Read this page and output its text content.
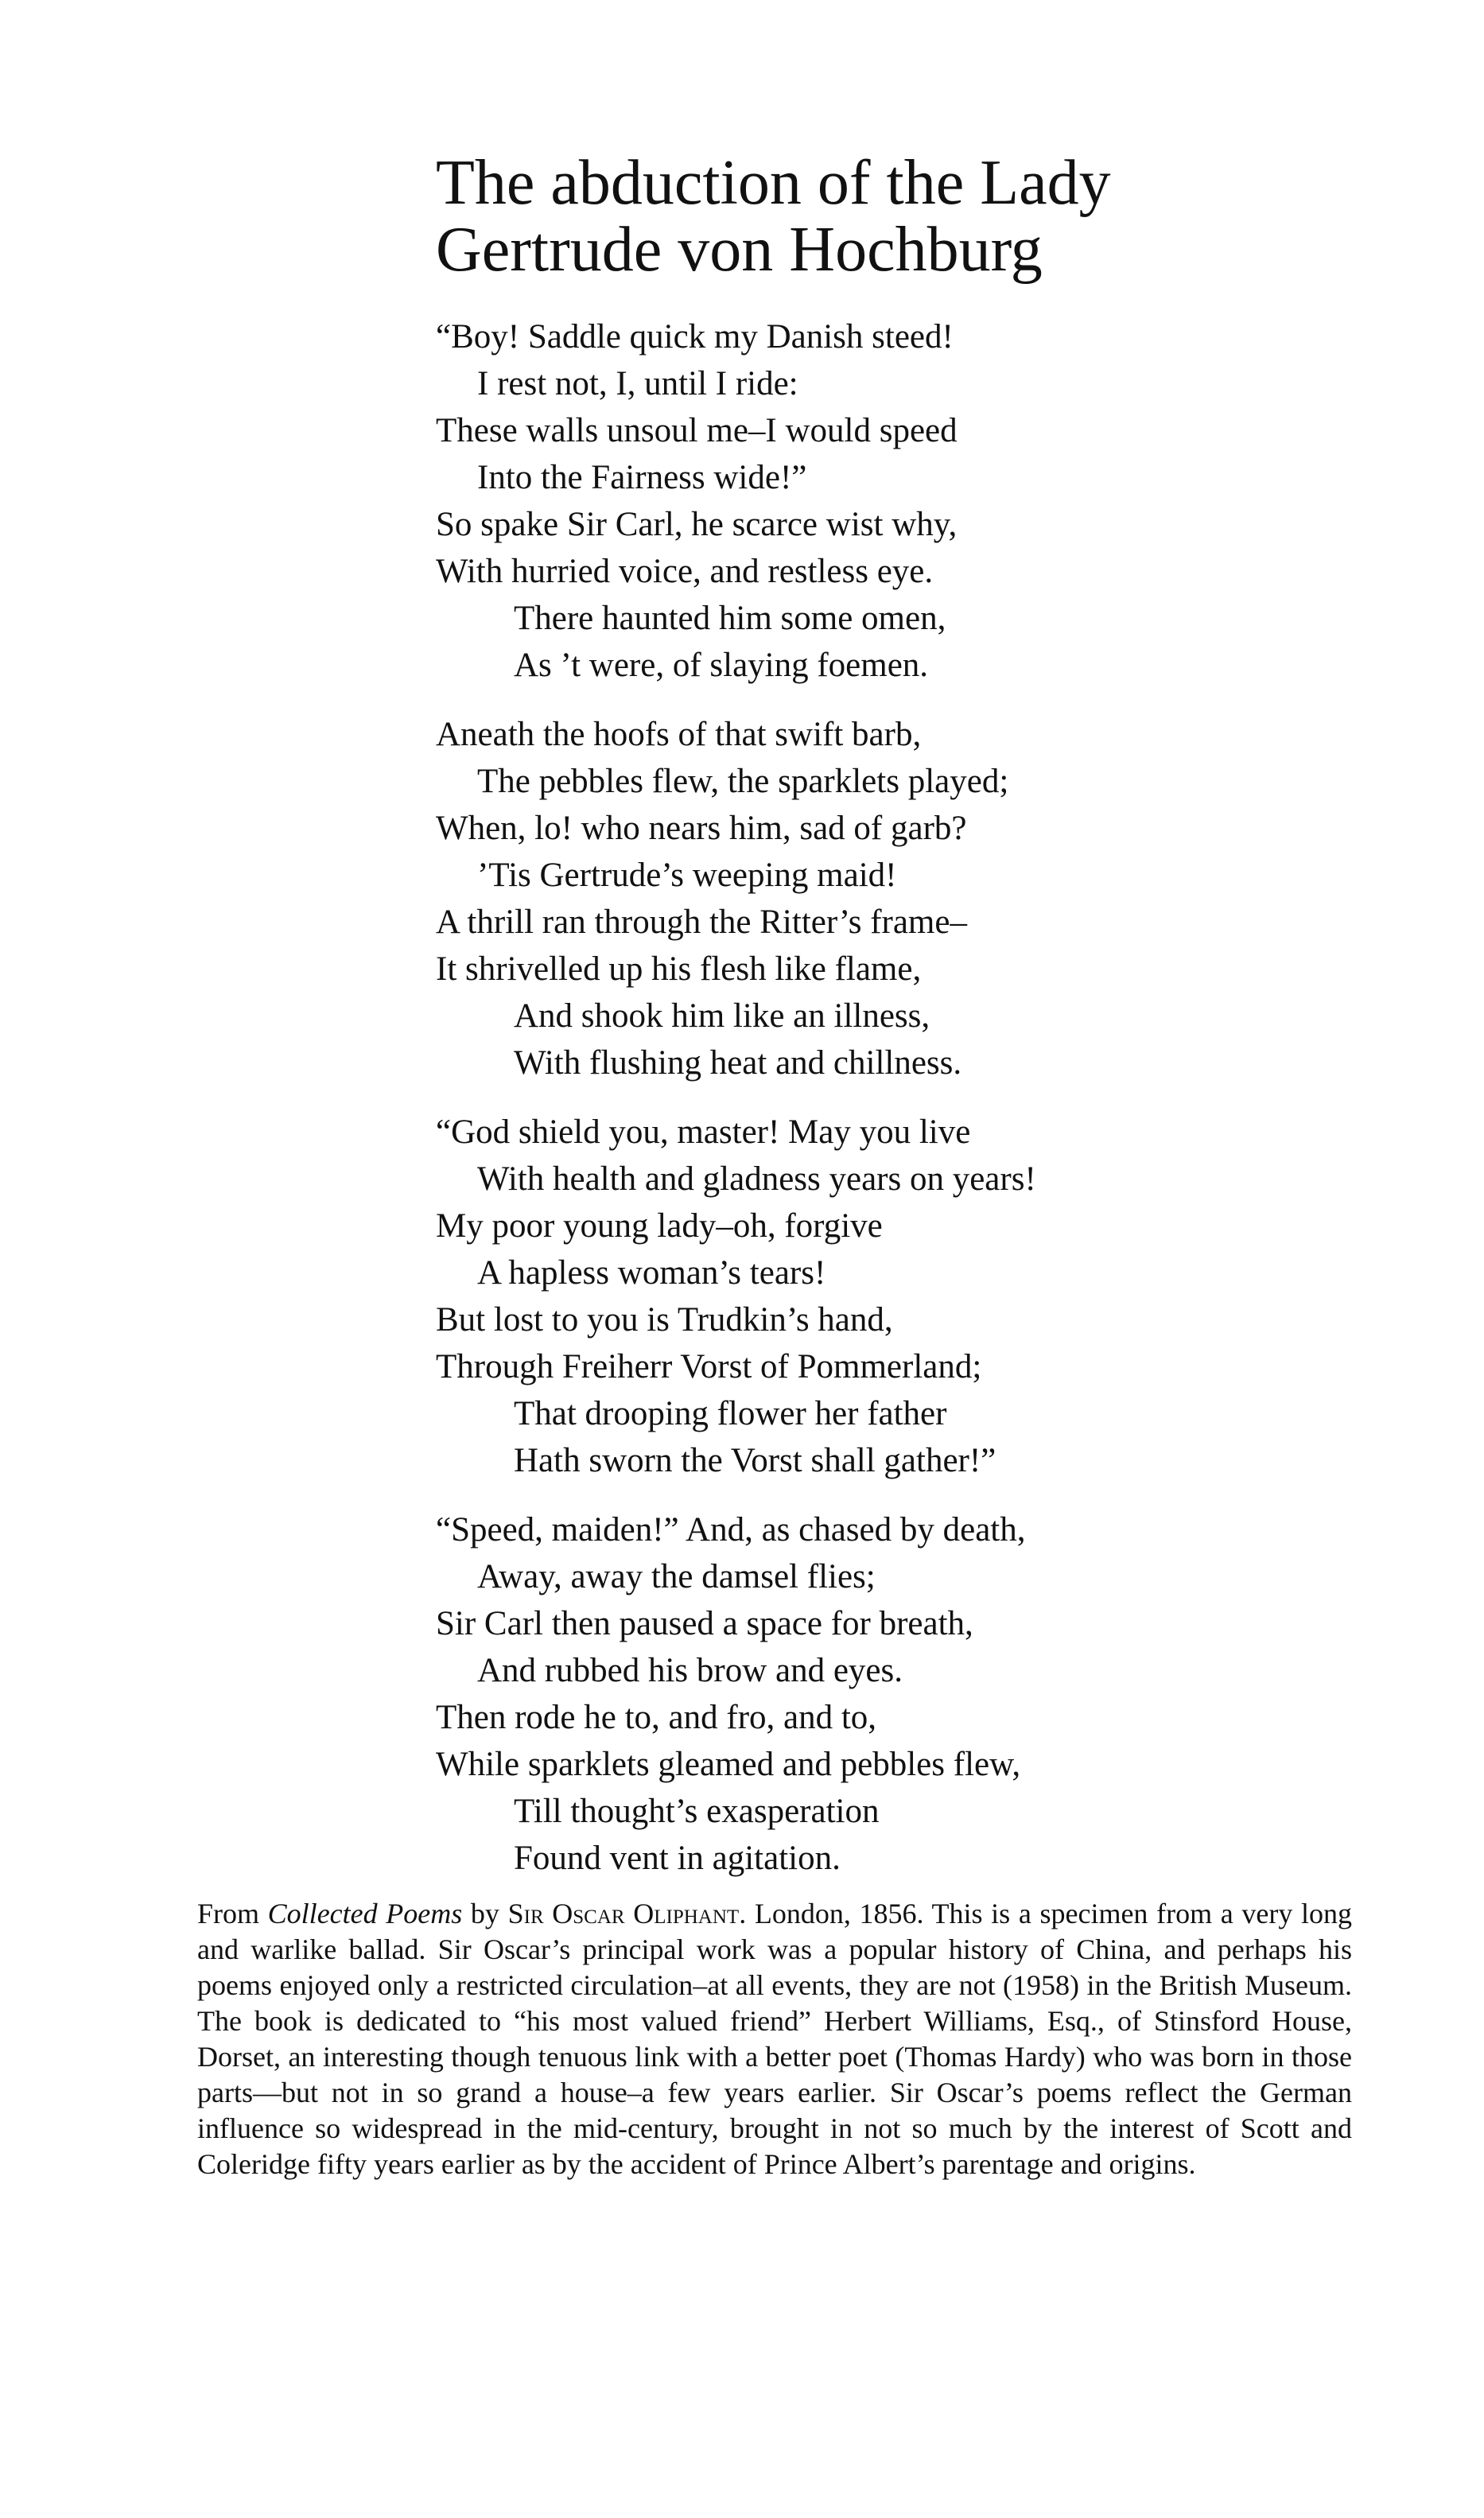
The abduction of the Lady
Gertrude von Hochburg
“Boy! Saddle quick my Danish steed!
I rest not, I, until I ride:
These walls unsoul me–I would speed
Into the Fairness wide!”
So spake Sir Carl, he scarce wist why,
With hurried voice, and restless eye.
There haunted him some omen,
As ’t were, of slaying foemen.
Aneath the hoofs of that swift barb,
The pebbles flew, the sparklets played;
When, lo! who nears him, sad of garb?
’Tis Gertrude’s weeping maid!
A thrill ran through the Ritter’s frame–
It shrivelled up his flesh like flame,
And shook him like an illness,
With flushing heat and chillness.
“God shield you, master! May you live
With health and gladness years on years!
My poor young lady–oh, forgive
A hapless woman’s tears!
But lost to you is Trudkin’s hand,
Through Freiherr Vorst of Pommerland;
That drooping flower her father
Hath sworn the Vorst shall gather!”
“Speed, maiden!” And, as chased by death,
Away, away the damsel flies;
Sir Carl then paused a space for breath,
And rubbed his brow and eyes.
Then rode he to, and fro, and to,
While sparklets gleamed and pebbles flew,
Till thought’s exasperation
Found vent in agitation.

From Collected Poems by Sir Oscar Oliphant. London, 1856. This is a specimen from a very long and warlike ballad. Sir Oscar’s principal work was a popular history of China, and perhaps his poems enjoyed only a restricted circulation–at all events, they are not (1958) in the British Museum. The book is dedicated to “his most valued friend” Herbert Williams, Esq., of Stinsford House, Dorset, an interesting though tenuous link with a better poet (Thomas Hardy) who was born in those parts—but not in so grand a house–a few years earlier. Sir Oscar’s poems reflect the German influence so widespread in the mid-century, brought in not so much by the interest of Scott and Coleridge fifty years earlier as by the accident of Prince Albert’s parentage and origins.
